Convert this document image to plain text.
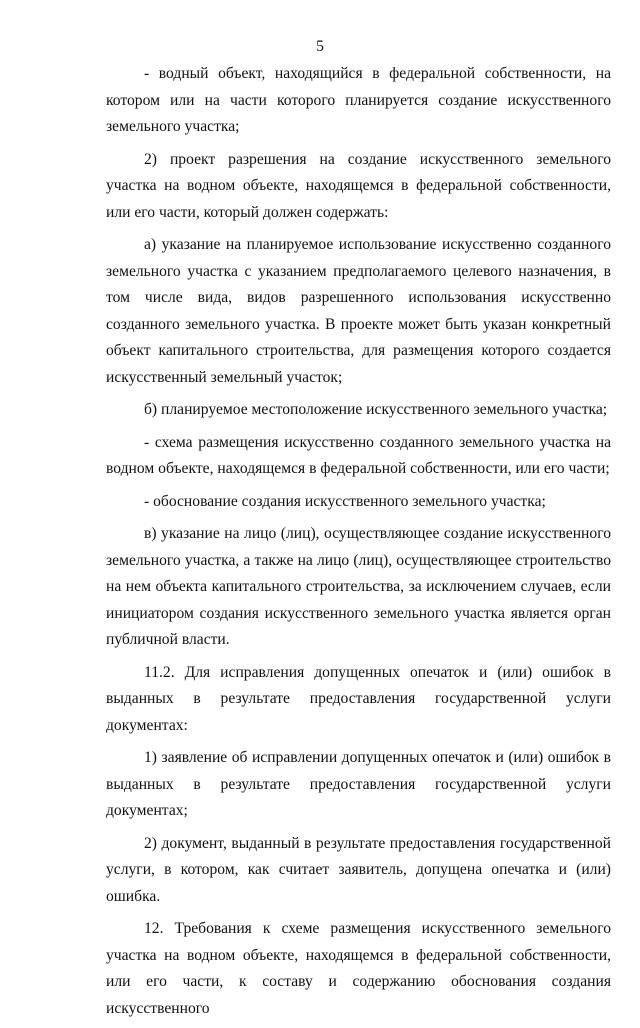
5

- водный объект, находящийся в федеральной собственности, на котором или на части которого планируется создание искусственного земельного участка;

2) проект разрешения на создание искусственного земельного участка на водном объекте, находящемся в федеральной собственности, или его части, который должен содержать:

а) указание на планируемое использование искусственно созданного земельного участка с указанием предполагаемого целевого назначения, в том числе вида, видов разрешенного использования искусственно созданного земельного участка. В проекте может быть указан конкретный объект капитального строительства, для размещения которого создается искусственный земельный участок;

б) планируемое местоположение искусственного земельного участка;

- схема размещения искусственно созданного земельного участка на водном объекте, находящемся в федеральной собственности, или его части;

- обоснование создания искусственного земельного участка;

в) указание на лицо (лиц), осуществляющее создание искусственного земельного участка, а также на лицо (лиц), осуществляющее строительство на нем объекта капитального строительства, за исключением случаев, если инициатором создания искусственного земельного участка является орган публичной власти.

11.2. Для исправления допущенных опечаток и (или) ошибок в выданных в результате предоставления государственной услуги документах:

1) заявление об исправлении допущенных опечаток и (или) ошибок в выданных в результате предоставления государственной услуги документах;

2) документ, выданный в результате предоставления государственной услуги, в котором, как считает заявитель, допущена опечатка и (или) ошибка.

12. Требования к схеме размещения искусственного земельного участка на водном объекте, находящемся в федеральной собственности, или его части, к составу и содержанию обоснования создания искусственного
